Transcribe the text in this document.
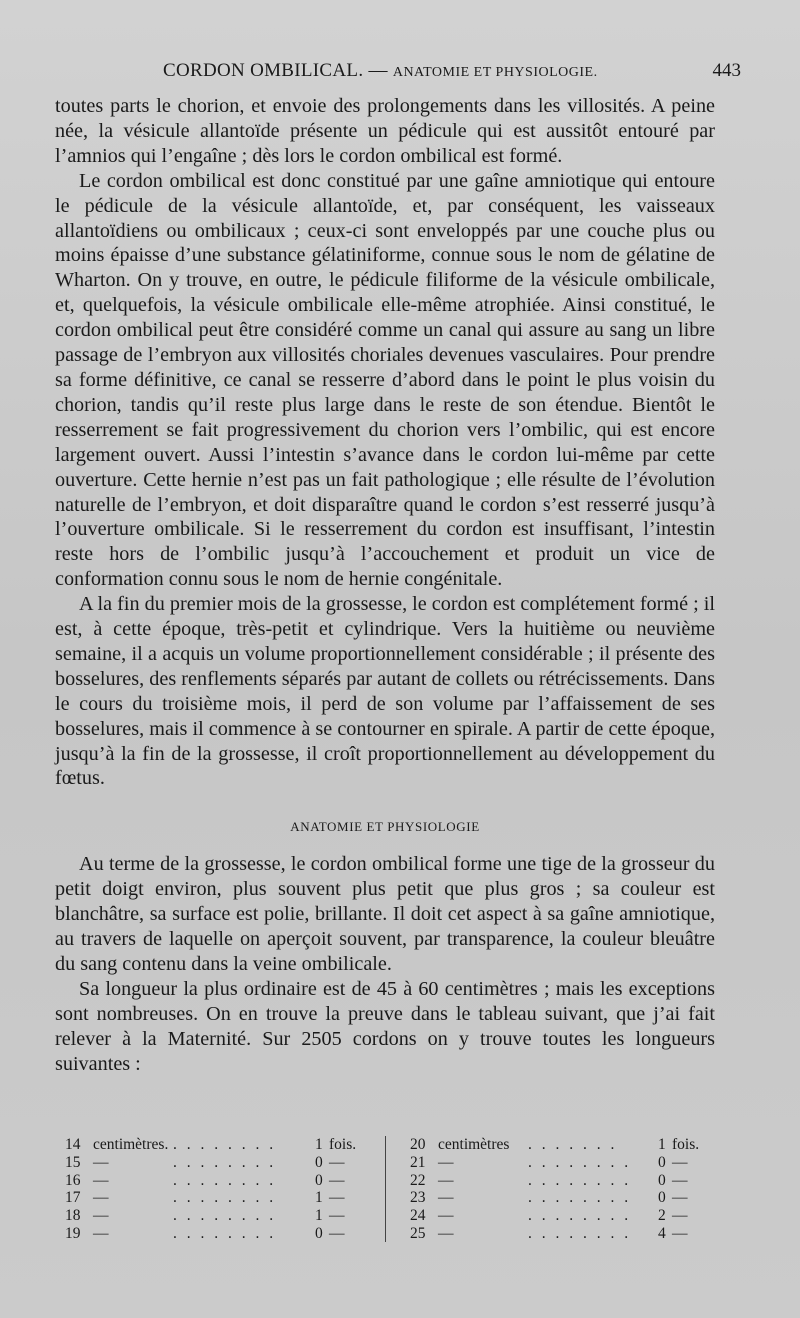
CORDON OMBILICAL. — ANATOMIE ET PHYSIOLOGIE.	443

toutes parts le chorion, et envoie des prolongements dans les villosités. A peine née, la vésicule allantoïde présente un pédicule qui est aussitôt entouré par l’amnios qui l’engaîne ; dès lors le cordon ombilical est formé.

Le cordon ombilical est donc constitué par une gaîne amniotique qui entoure le pédicule de la vésicule allantoïde, et, par conséquent, les vaisseaux allantoïdiens ou ombilicaux ; ceux-ci sont enveloppés par une couche plus ou moins épaisse d’une substance gélatiniforme, connue sous le nom de gélatine de Wharton. On y trouve, en outre, le pédicule filiforme de la vésicule ombilicale, et, quelquefois, la vésicule ombilicale elle-même atrophiée. Ainsi constitué, le cordon ombilical peut être considéré comme un canal qui assure au sang un libre passage de l’embryon aux villosités choriales devenues vasculaires. Pour prendre sa forme définitive, ce canal se resserre d’abord dans le point le plus voisin du chorion, tandis qu’il reste plus large dans le reste de son étendue. Bientôt le resserrement se fait progressivement du chorion vers l’ombilic, qui est encore largement ouvert. Aussi l’intestin s’avance dans le cordon lui-même par cette ouverture. Cette hernie n’est pas un fait pathologique ; elle résulte de l’évolution naturelle de l’embryon, et doit disparaître quand le cordon s’est resserré jusqu’à l’ouverture ombilicale. Si le resserrement du cordon est insuffisant, l’intestin reste hors de l’ombilic jusqu’à l’accouchement et produit un vice de conformation connu sous le nom de hernie congénitale.

A la fin du premier mois de la grossesse, le cordon est complétement formé ; il est, à cette époque, très-petit et cylindrique. Vers la huitième ou neuvième semaine, il a acquis un volume proportionnellement considérable ; il présente des bosselures, des renflements séparés par autant de collets ou rétrécissements. Dans le cours du troisième mois, il perd de son volume par l’affaissement de ses bosselures, mais il commence à se contourner en spirale. A partir de cette époque, jusqu’à la fin de la grossesse, il croît proportionnellement au développement du fœtus.

ANATOMIE ET PHYSIOLOGIE

Au terme de la grossesse, le cordon ombilical forme une tige de la grosseur du petit doigt environ, plus souvent plus petit que plus gros ; sa couleur est blanchâtre, sa surface est polie, brillante. Il doit cet aspect à sa gaîne amniotique, au travers de laquelle on aperçoit souvent, par transparence, la couleur bleuâtre du sang contenu dans la veine ombilicale.

Sa longueur la plus ordinaire est de 45 à 60 centimètres ; mais les exceptions sont nombreuses. On en trouve la preuve dans le tableau suivant, que j’ai fait relever à la Maternité. Sur 2505 cordons on y trouve toutes les longueurs suivantes :

14 centimètres. . . . . . . . .	1 fois.
15 —	. . . . . . . .	0 —
16 —	. . . . . . . .	0 —
17 —	. . . . . . . .	1 —
18 —	. . . . . . . .	1 —
19 —	. . . . . . . .	0 —
20 centimètres . . . . . . .	1 fois.
21 —	. . . . . . . . 0 —
22 —	. . . . . . . . 0 —
23 —	. . . . . . . . 0 —
24 —	. . . . . . . . 2 —
25 —	. . . . . . . . 4 —
